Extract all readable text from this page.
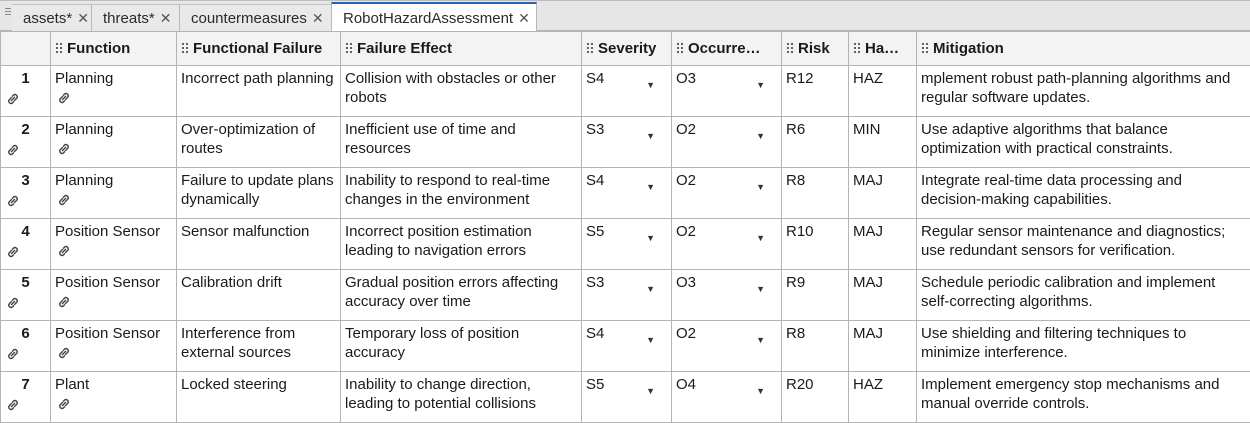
assets* ✕ threats* ✕ countermeasures ✕ RobotHazardAssessment ✕
	Function	Functional Failure	Failure Effect	Severity	Occurre…	Risk	Ha…	Mitigation
1	Planning	Incorrect path planning	Collision with obstacles or other robots	S4 ▼	O3 ▼	R12	HAZ	mplement robust path-planning algorithms and regular software updates.
2	Planning	Over-optimization of routes	Inefficient use of time and resources	S3 ▼	O2 ▼	R6	MIN	Use adaptive algorithms that balance optimization with practical constraints.
3	Planning	Failure to update plans dynamically	Inability to respond to real-time changes in the environment	S4 ▼	O2 ▼	R8	MAJ	Integrate real-time data processing and decision-making capabilities.
4	Position Sensor	Sensor malfunction	Incorrect position estimation leading to navigation errors	S5 ▼	O2 ▼	R10	MAJ	Regular sensor maintenance and diagnostics; use redundant sensors for verification.
5	Position Sensor	Calibration drift	Gradual position errors affecting accuracy over time	S3 ▼	O3 ▼	R9	MAJ	Schedule periodic calibration and implement self-correcting algorithms.
6	Position Sensor	Interference from external sources	Temporary loss of position accuracy	S4 ▼	O2 ▼	R8	MAJ	Use shielding and filtering techniques to minimize interference.
7	Plant	Locked steering	Inability to change direction, leading to potential collisions	S5 ▼	O4 ▼	R20	HAZ	Implement emergency stop mechanisms and manual override controls.
